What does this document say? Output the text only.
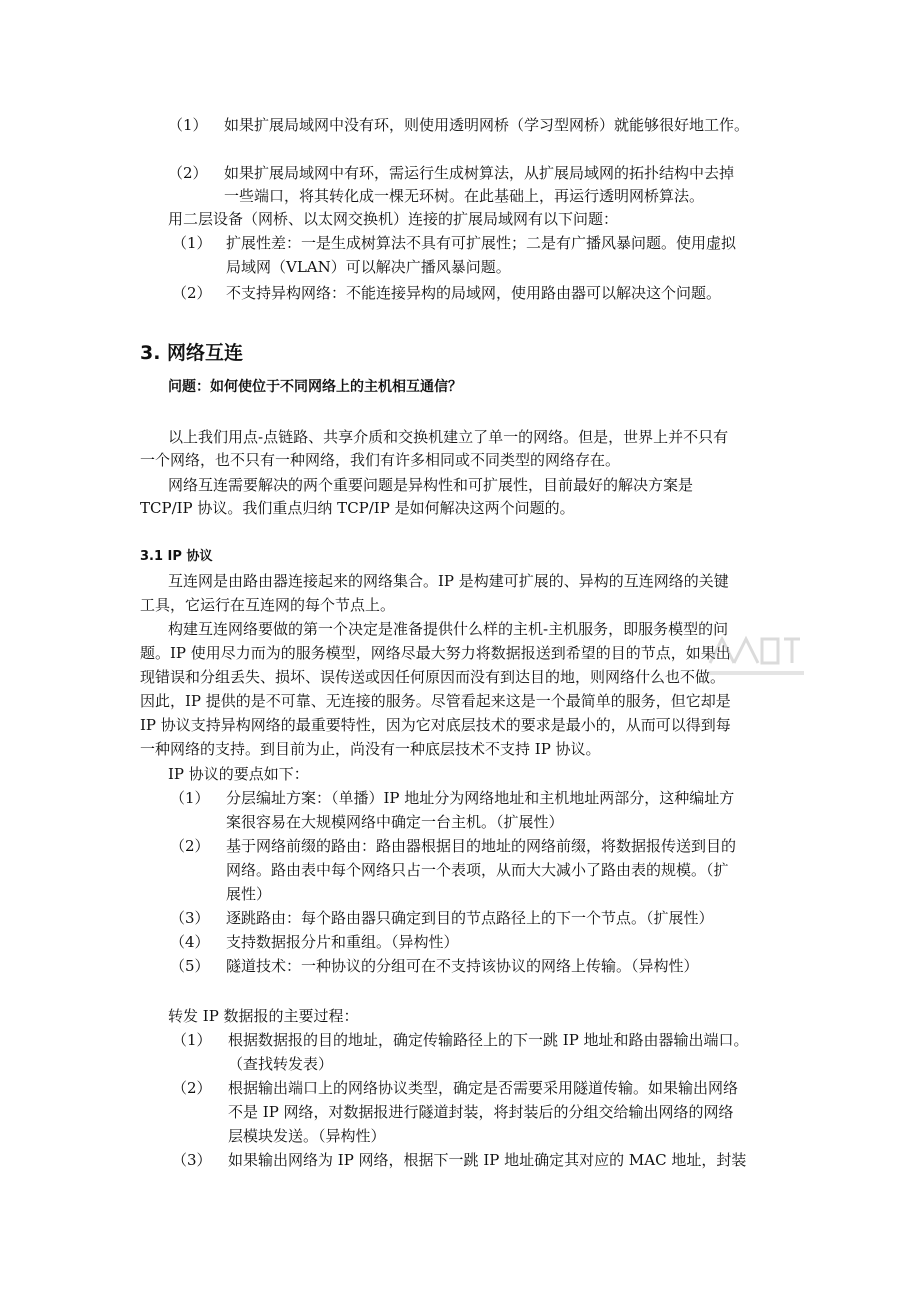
（1） 如果扩展局域网中没有环，则使用透明网桥（学习型网桥）就能够很好地工作。
（2） 如果扩展局域网中有环，需运行生成树算法，从扩展局域网的拓扑结构中去掉
一些端口，将其转化成一棵无环树。在此基础上，再运行透明网桥算法。
用二层设备（网桥、以太网交换机）连接的扩展局域网有以下问题：
（1） 扩展性差：一是生成树算法不具有可扩展性；二是有广播风暴问题。使用虚拟
局域网（VLAN）可以解决广播风暴问题。
（2） 不支持异构网络：不能连接异构的局域网，使用路由器可以解决这个问题。
3. 网络互连
问题：如何使位于不同网络上的主机相互通信？
以上我们用点-点链路、共享介质和交换机建立了单一的网络。但是，世界上并不只有
一个网络，也不只有一种网络，我们有许多相同或不同类型的网络存在。
网络互连需要解决的两个重要问题是异构性和可扩展性，目前最好的解决方案是
TCP/IP 协议。我们重点归纳 TCP/IP 是如何解决这两个问题的。
3.1 IP 协议
互连网是由路由器连接起来的网络集合。IP 是构建可扩展的、异构的互连网络的关键
工具，它运行在互连网的每个节点上。
构建互连网络要做的第一个决定是准备提供什么样的主机-主机服务，即服务模型的问
题。IP 使用尽力而为的服务模型，网络尽最大努力将数据报送到希望的目的节点，如果出
现错误和分组丢失、损坏、误传送或因任何原因而没有到达目的地，则网络什么也不做。
因此，IP 提供的是不可靠、无连接的服务。尽管看起来这是一个最简单的服务，但它却是
IP 协议支持异构网络的最重要特性，因为它对底层技术的要求是最小的，从而可以得到每
一种网络的支持。到目前为止，尚没有一种底层技术不支持 IP 协议。
IP 协议的要点如下：
（1） 分层编址方案：（单播）IP 地址分为网络地址和主机地址两部分，这种编址方
案很容易在大规模网络中确定一台主机。（扩展性）
（2） 基于网络前缀的路由：路由器根据目的地址的网络前缀，将数据报传送到目的
网络。路由表中每个网络只占一个表项，从而大大减小了路由表的规模。（扩
展性）
（3） 逐跳路由：每个路由器只确定到目的节点路径上的下一个节点。（扩展性）
（4） 支持数据报分片和重组。（异构性）
（5） 隧道技术：一种协议的分组可在不支持该协议的网络上传输。（异构性）
转发 IP 数据报的主要过程：
（1） 根据数据报的目的地址，确定传输路径上的下一跳 IP 地址和路由器输出端口。
（查找转发表）
（2） 根据输出端口上的网络协议类型，确定是否需要采用隧道传输。如果输出网络
不是 IP 网络，对数据报进行隧道封装，将封装后的分组交给输出网络的网络
层模块发送。（异构性）
（3） 如果输出网络为 IP 网络，根据下一跳 IP 地址确定其对应的 MAC 地址，封装
